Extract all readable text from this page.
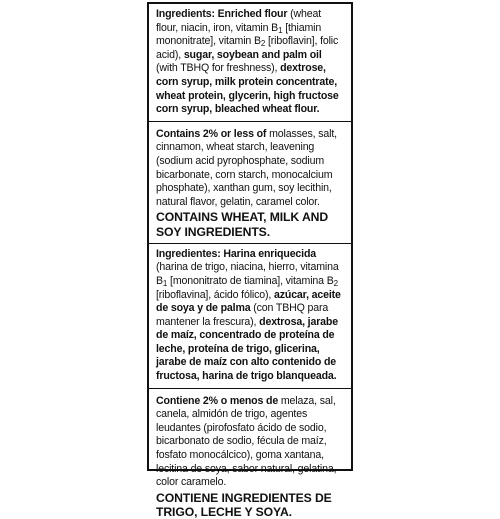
Ingredients: Enriched flour (wheat flour, niacin, iron, vitamin $B_1$ [thiamin mononitrate], vitamin $B_2$ [riboflavin], folic acid), sugar, soybean and palm oil (with TBHQ for freshness), dextrose, corn syrup, milk protein concentrate, wheat protein, glycerin, high fructose corn syrup, bleached wheat flour.
Contains 2% or less of molasses, salt, cinnamon, wheat starch, leavening (sodium acid pyrophosphate, sodium bicarbonate, corn starch, monocalcium phosphate), xanthan gum, soy lecithin, natural flavor, gelatin, caramel color.
CONTAINS WHEAT, MILK AND SOY INGREDIENTS.
Ingredientes: Harina enriquecida (harina de trigo, niacina, hierro, vitamina $B_1$ [mononitrato de tiamina], vitamina $B_2$ [riboflavina], ácido fólico), azúcar, aceite de soya y de palma (con TBHQ para mantener la frescura), dextrosa, jarabe de maíz, concentrado de proteína de leche, proteína de trigo, glicerina, jarabe de maíz con alto contenido de fructosa, harina de trigo blanqueada.
Contiene 2% o menos de melaza, sal, canela, almidón de trigo, agentes leudantes (pirofosfato ácido de sodio, bicarbonato de sodio, fécula de maíz, fosfato monocálcico), goma xantana, lecitina de soya, sabor natural, gelatina, color caramelo.
CONTIENE INGREDIENTES DE TRIGO, LECHE Y SOYA.
